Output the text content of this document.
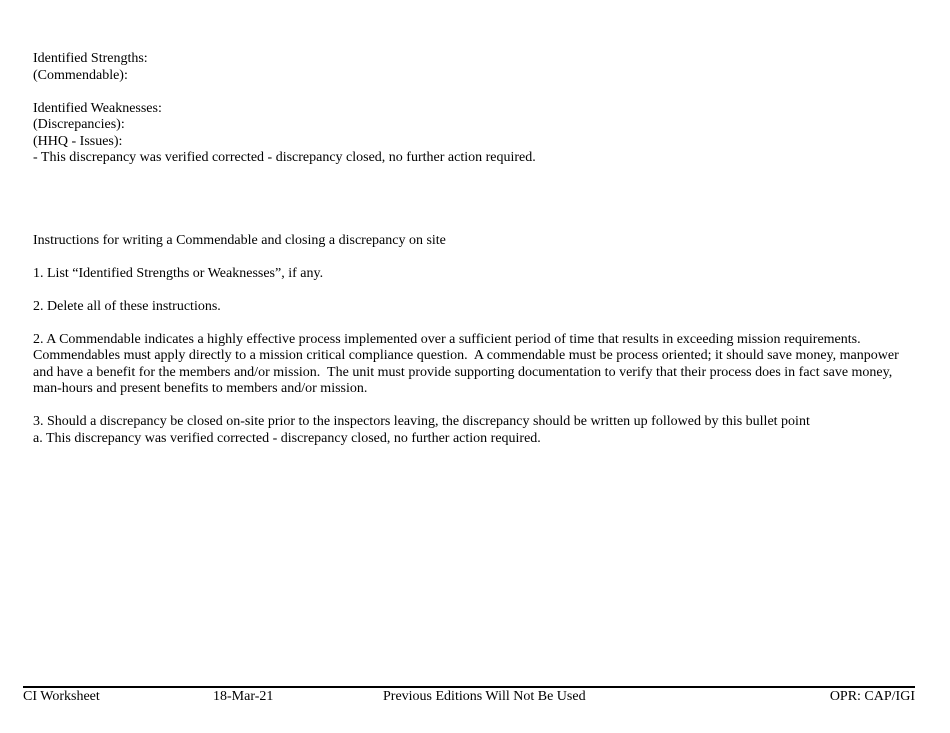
Identified Strengths:

(Commendable):

Identified Weaknesses:

(Discrepancies):

(HHQ - Issues):

- This discrepancy was verified corrected - discrepancy closed, no further action required.

Instructions for writing a Commendable and closing a discrepancy on site

1. List “Identified Strengths or Weaknesses”, if any.

2. Delete all of these instructions.

2. A Commendable indicates a highly effective process implemented over a sufficient period of time that results in exceeding mission requirements.  Commendables must apply directly to a mission critical compliance question.  A commendable must be process oriented; it should save money, manpower and have a benefit for the members and/or mission.  The unit must provide supporting documentation to verify that their process does in fact save money, man-hours and present benefits to members and/or mission.

3. Should a discrepancy be closed on-site prior to the inspectors leaving, the discrepancy should be written up followed by this bullet point

a. This discrepancy was verified corrected - discrepancy closed, no further action required.

CI Worksheet	18-Mar-21	Previous Editions Will Not Be Used	OPR: CAP/IGI
